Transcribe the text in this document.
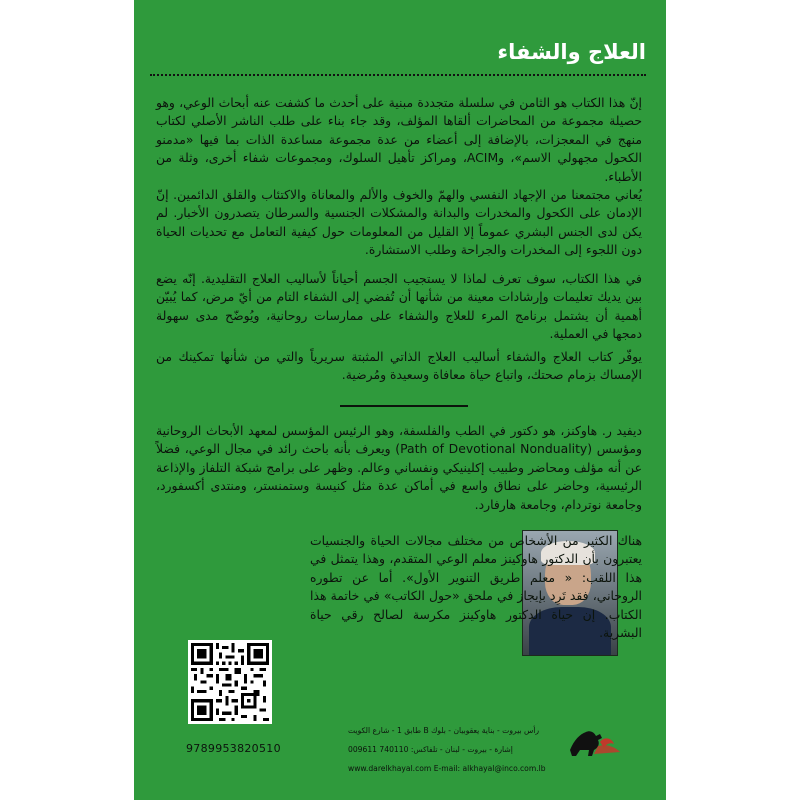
العلاج والشفاء

إنّ هذا الكتاب هو الثامن في سلسلة متجددة مبنية على أحدث ما كشفت عنه أبحاث الوعي، وهو حصيلة مجموعة من المحاضرات ألقاها المؤلف، وقد جاء بناء على طلب الناشر الأصلي لكتاب منهج في المعجزات، بالإضافة إلى أعضاء من عدة مجموعة مساعدة الذات بما فيها «مدمنو الكحول مجهولي الاسم»، وACIM، ومراكز تأهيل السلوك، ومجموعات شفاء أخرى، وثلة من الأطباء.

يُعاني مجتمعنا من الإجهاد النفسي والهمّ والخوف والألم والمعاناة والاكتئاب والقلق الدائمين. إنّ الإدمان على الكحول والمخدرات والبدانة والمشكلات الجنسية والسرطان يتصدرون الأخبار. لم يكن لدى الجنس البشري عموماً إلا القليل من المعلومات حول كيفية التعامل مع تحديات الحياة دون اللجوء إلى المخدرات والجراحة وطلب الاستشارة.

في هذا الكتاب، سوف تعرف لماذا لا يستجيب الجسم أحياناً لأساليب العلاج التقليدية. إنّه يضع بين يديك تعليمات وإرشادات معينة من شأنها أن تُفضي إلى الشفاء التام من أيّ مرض، كما يُبيّن أهمية أن يشتمل برنامج المرء للعلاج والشفاء على ممارسات روحانية، ويُوضّح مدى سهولة دمجها في العملية.

يوفّر كتاب العلاج والشفاء أساليب العلاج الذاتي المثبتة سريرياً والتي من شأنها تمكينك من الإمساك بزمام صحتك، واتباع حياة معافاة وسعيدة ومُرضية.

ديفيد ر. هاوكنز، هو دكتور في الطب والفلسفة، وهو الرئيس المؤسس لمعهد الأبحاث الروحانية ومؤسس (Path of Devotional Nonduality) ويعرف بأنه باحث رائد في مجال الوعي، فضلاً عن أنه مؤلف ومحاضر وطبيب إكلينيكي ونفساني وعالم. وظهر على برامج شبكة التلفاز والإذاعة الرئيسية، وحاضر على نطاق واسع في أماكن عدة مثل كنيسة وستمنستر، ومنتدى أكسفورد، وجامعة نوتردام، وجامعة هارفارد.

هناك الكثير من الأشخاص من مختلف مجالات الحياة والجنسيات يعتبرون بأن الدكتور هاوكينز معلم الوعي المتقدم، وهذا يتمثل في هذا اللقب: « معلم طريق التنوير الأول». أما عن تطوره الروحاني، فقد تَرِد بإيجاز في ملحق «حول الكاتب» في خاتمة هذا الكتاب. إن حياة الدكتور هاوكينز مكرسة لصالح رقي حياة البشرية.

9789953820510
رأس بيروت - بناية يعقوبيان - بلوك B طابق 1 - شارع الكويت
إشارة - بيروت - لبنان - تلفاكس: 740110 009611
www.darelkhayal.com E-mail: alkhayal@inco.com.lb
